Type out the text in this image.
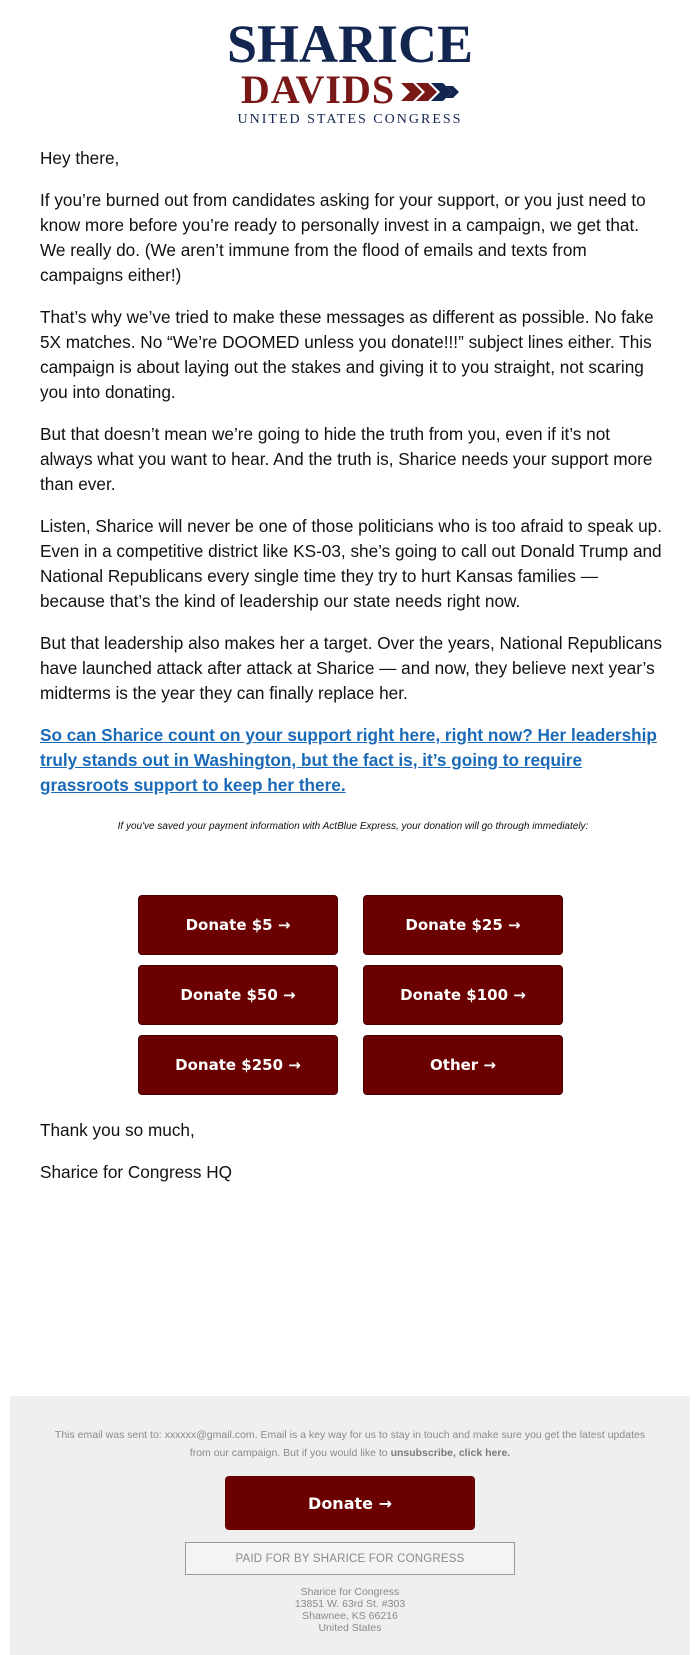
SHARICE
DAVIDS
UNITED STATES CONGRESS

Hey there,

If you’re burned out from candidates asking for your support, or you just need to know more before you’re ready to personally invest in a campaign, we get that. We really do. (We aren’t immune from the flood of emails and texts from campaigns either!)

That’s why we’ve tried to make these messages as different as possible. No fake 5X matches. No “We’re DOOMED unless you donate!!!” subject lines either. This campaign is about laying out the stakes and giving it to you straight, not scaring you into donating.

But that doesn’t mean we’re going to hide the truth from you, even if it’s not always what you want to hear. And the truth is, Sharice needs your support more than ever.

Listen, Sharice will never be one of those politicians who is too afraid to speak up. Even in a competitive district like KS-03, she’s going to call out Donald Trump and National Republicans every single time they try to hurt Kansas families — because that’s the kind of leadership our state needs right now.

But that leadership also makes her a target. Over the years, National Republicans have launched attack after attack at Sharice — and now, they believe next year’s midterms is the year they can finally replace her.

So can Sharice count on your support right here, right now? Her leadership truly stands out in Washington, but the fact is, it’s going to require grassroots support to keep her there.

If you've saved your payment information with ActBlue Express, your donation will go through immediately:

Donate $5 →	Donate $25 →
Donate $50 →	Donate $100 →
Donate $250 →	Other →

Thank you so much,

Sharice for Congress HQ

This email was sent to: xxxxxx@gmail.com. Email is a key way for us to stay in touch and make sure you get the latest updates from our campaign. But if you would like to unsubscribe, click here.
Donate →
PAID FOR BY SHARICE FOR CONGRESS
Sharice for Congress
13851 W. 63rd St. #303
Shawnee, KS 66216
United States
